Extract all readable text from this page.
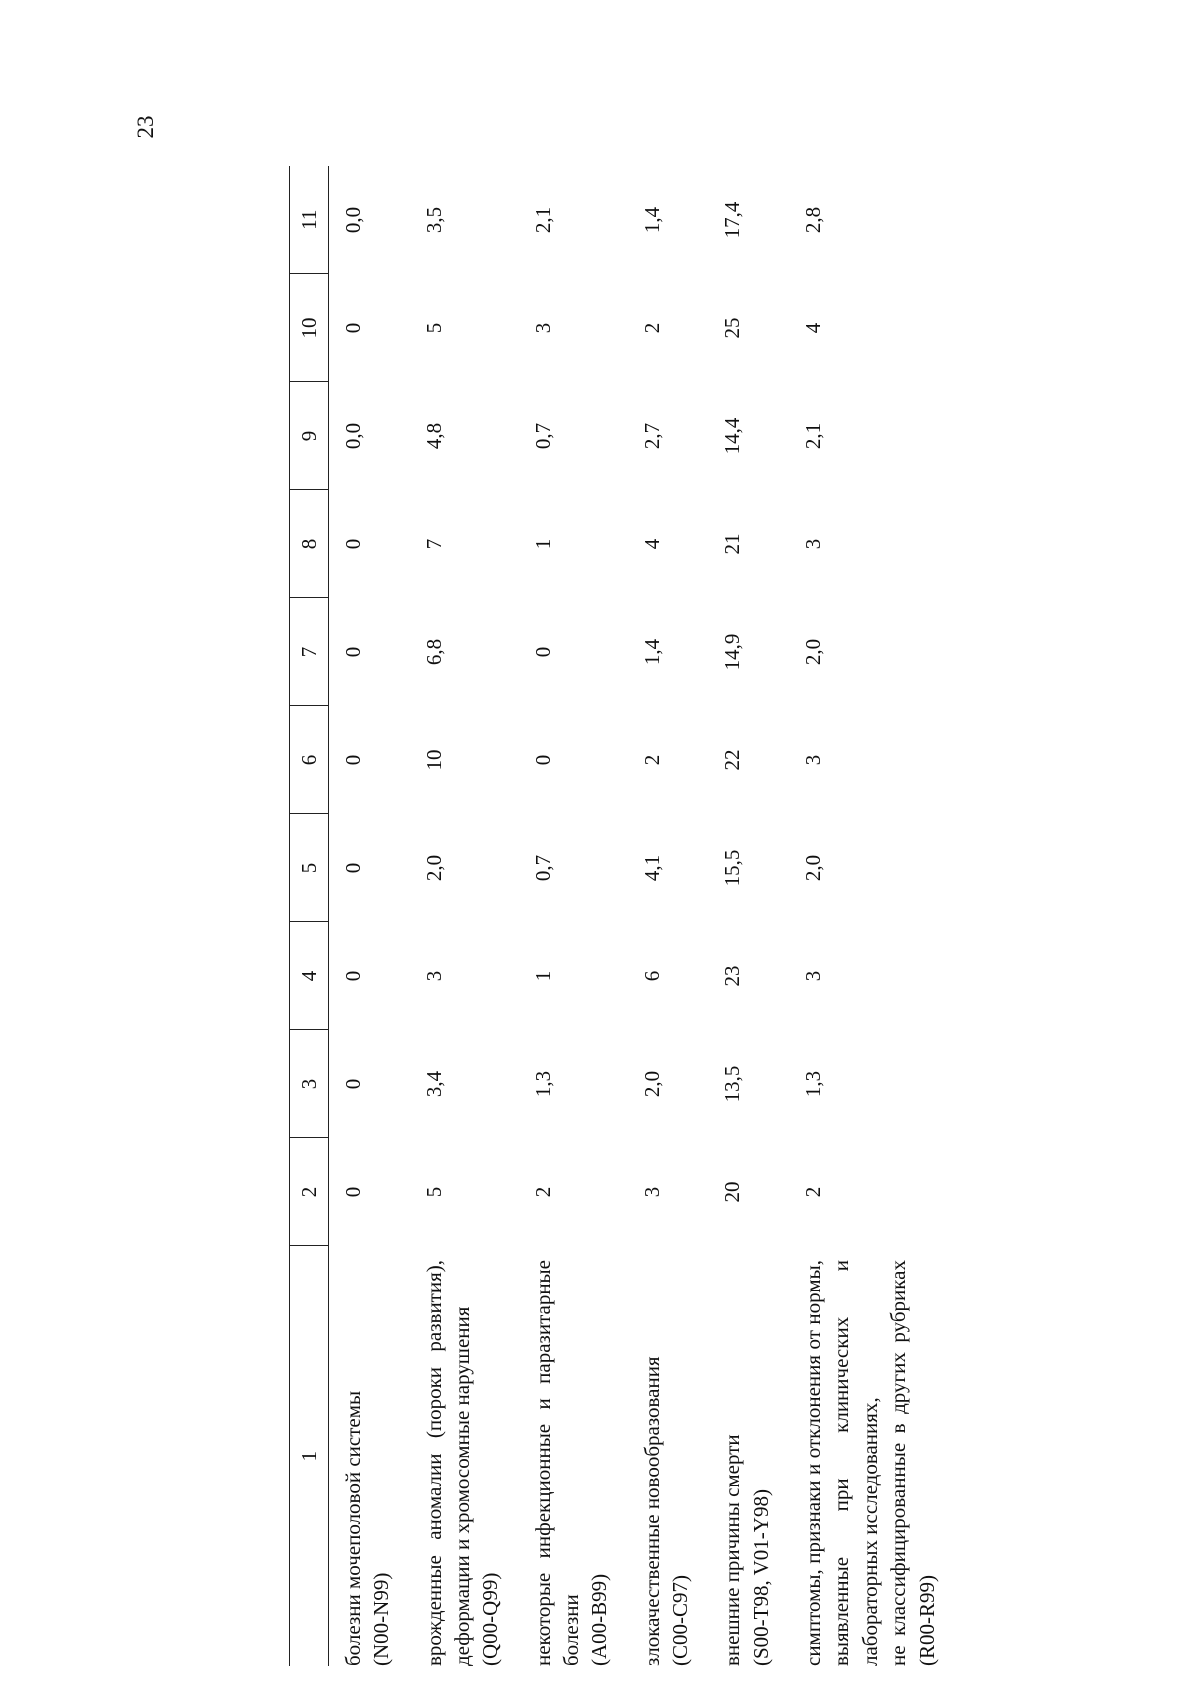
23
1	2	3	4	5	6	7	8	9	10	11
болезни мочеполовой системы
(N00-N99)	0	0	0	0	0	0	0	0,0	0	0,0
врожденные аномалии (пороки развития), деформации и хромосомные нарушения
(Q00-Q99)	5	3,4	3	2,0	10	6,8	7	4,8	5	3,5
некоторые инфекционные и паразитарные болезни
(A00-B99)	2	1,3	1	0,7	0	0	1	0,7	3	2,1
злокачественные новообразования
(C00-C97)	3	2,0	6	4,1	2	1,4	4	2,7	2	1,4
внешние причины смерти
(S00-T98, V01-Y98)	20	13,5	23	15,5	22	14,9	21	14,4	25	17,4
симптомы, признаки и отклонения от нормы, выявленные при клинических и лабораторных исследованиях,
не классифицированные в других рубриках (R00-R99)	2	1,3	3	2,0	3	2,0	3	2,1	4	2,8
